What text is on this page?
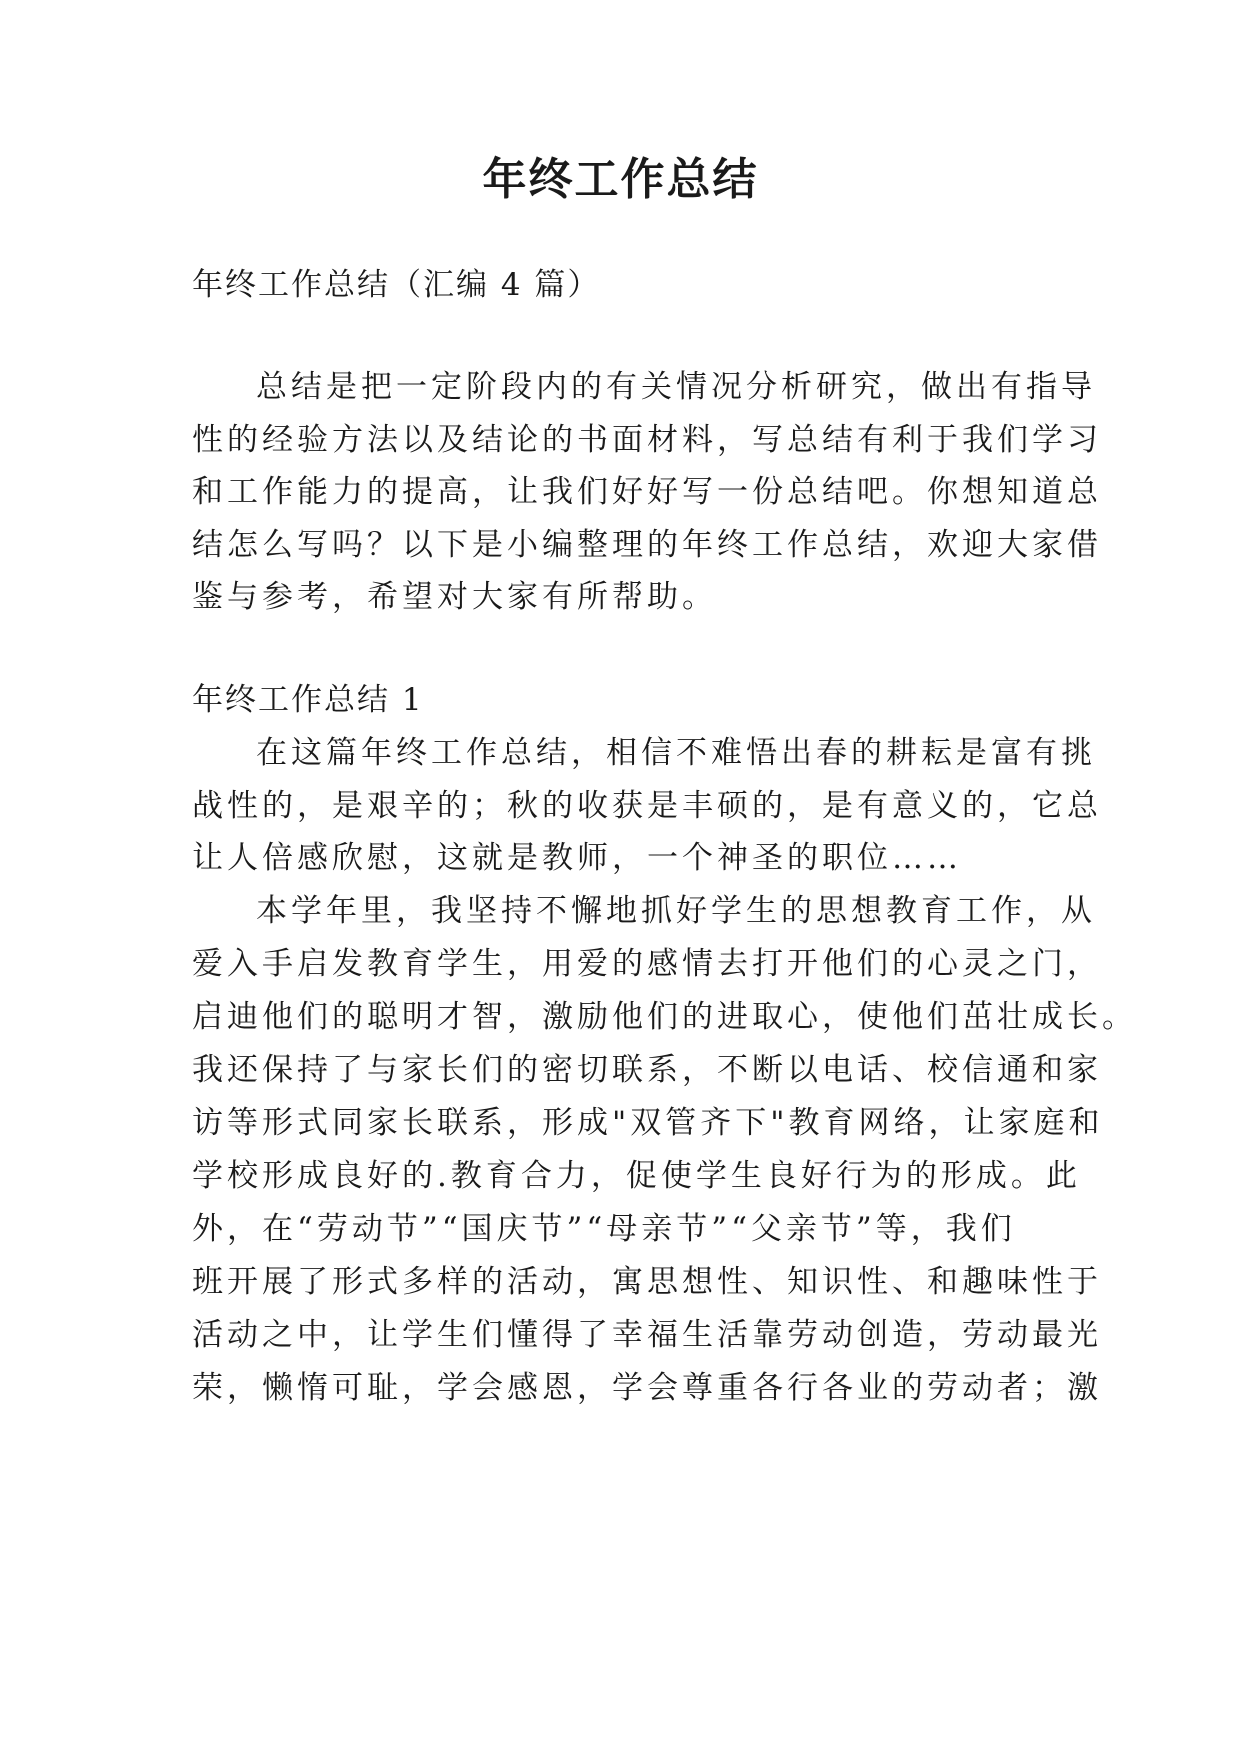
年终工作总结

年终工作总结（汇编 4 篇）

总结是把一定阶段内的有关情况分析研究，做出有指导

性的经验方法以及结论的书面材料，写总结有利于我们学习

和工作能力的提高，让我们好好写一份总结吧。你想知道总

结怎么写吗？以下是小编整理的年终工作总结，欢迎大家借

鉴与参考，希望对大家有所帮助。

年终工作总结 1

在这篇年终工作总结，相信不难悟出春的耕耘是富有挑

战性的，是艰辛的；秋的收获是丰硕的，是有意义的，它总

让人倍感欣慰，这就是教师，一个神圣的职位……

本学年里，我坚持不懈地抓好学生的思想教育工作，从

爱入手启发教育学生，用爱的感情去打开他们的心灵之门，

启迪他们的聪明才智，激励他们的进取心，使他们茁壮成长。

我还保持了与家长们的密切联系，不断以电话、校信通和家

访等形式同家长联系，形成"双管齐下"教育网络，让家庭和

学校形成良好的.教育合力，促使学生良好行为的形成。此

外，在“劳动节”“国庆节”“母亲节”“父亲节”等，我们

班开展了形式多样的活动，寓思想性、知识性、和趣味性于

活动之中，让学生们懂得了幸福生活靠劳动创造，劳动最光

荣，懒惰可耻，学会感恩，学会尊重各行各业的劳动者；激
